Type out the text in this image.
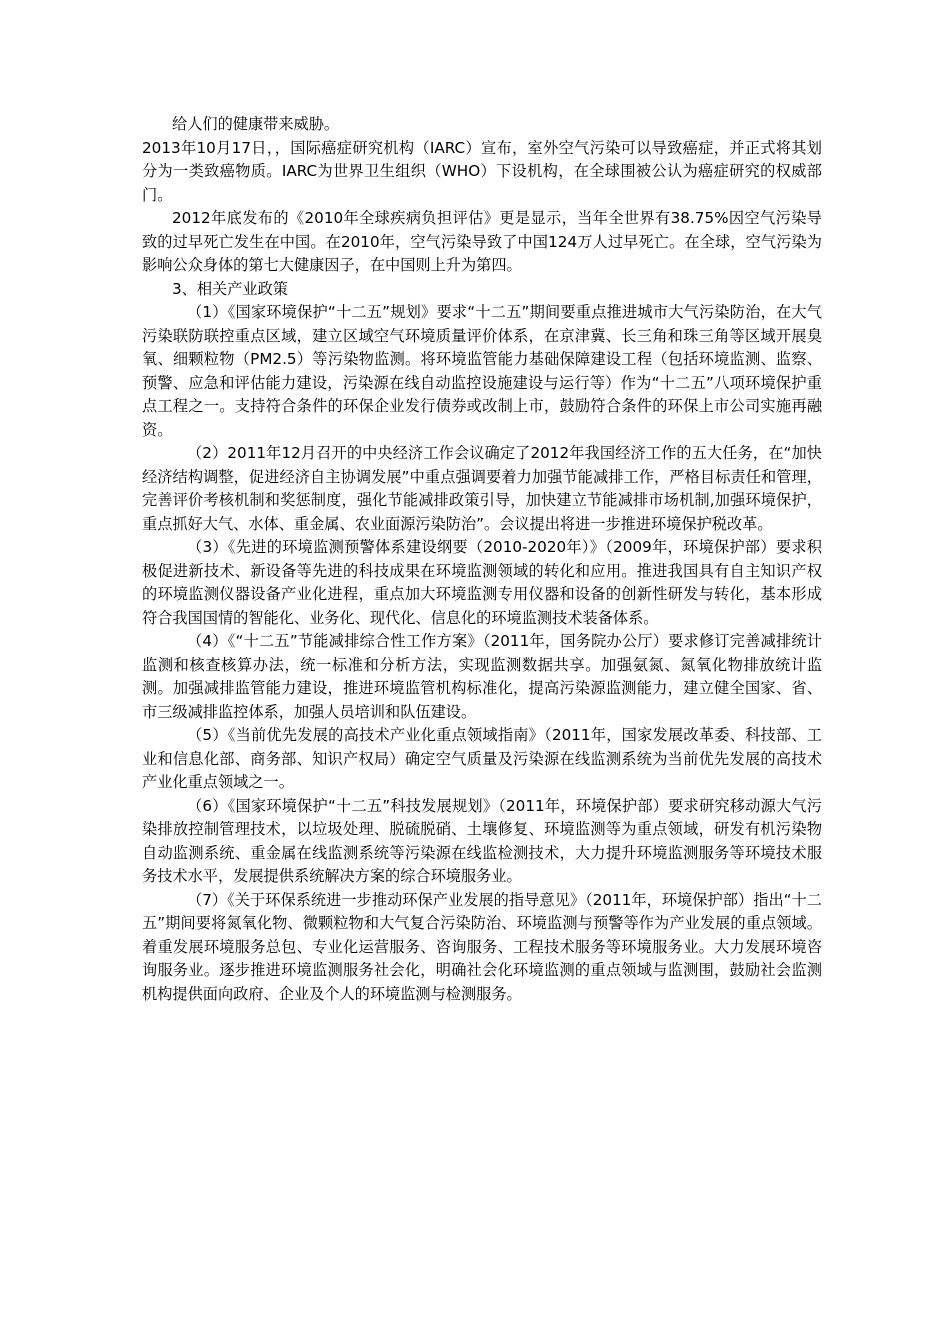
给人们的健康带来威胁。

2013年10月17日，，国际癌症研究机构（IARC）宣布，室外空气污染可以导致癌症，并正式将其划分为一类致癌物质。IARC为世界卫生组织（WHO）下设机构，在全球围被公认为癌症研究的权威部门。

2012年底发布的《2010年全球疾病负担评估》更是显示，当年全世界有38.75%因空气污染导致的过早死亡发生在中国。在2010年，空气污染导致了中国124万人过早死亡。在全球，空气污染为影响公众身体的第七大健康因子，在中国则上升为第四。

3、相关产业政策

（1）《国家环境保护“十二五”规划》要求“十二五”期间要重点推进城市大气污染防治，在大气污染联防联控重点区域，建立区域空气环境质量评价体系，在京津冀、长三角和珠三角等区域开展臭氧、细颗粒物（PM2.5）等污染物监测。将环境监管能力基础保障建设工程（包括环境监测、监察、预警、应急和评估能力建设，污染源在线自动监控设施建设与运行等）作为“十二五”八项环境保护重点工程之一。支持符合条件的环保企业发行债券或改制上市，鼓励符合条件的环保上市公司实施再融资。

（2）2011年12月召开的中央经济工作会议确定了2012年我国经济工作的五大任务，在“加快经济结构调整，促进经济自主协调发展”中重点强调要着力加强节能减排工作，严格目标责任和管理，完善评价考核机制和奖惩制度，强化节能减排政策引导，加快建立节能减排市场机制,加强环境保护，重点抓好大气、水体、重金属、农业面源污染防治”。会议提出将进一步推进环境保护税改革。

（3）《先进的环境监测预警体系建设纲要（2010-2020年）》（2009年，环境保护部）要求积极促进新技术、新设备等先进的科技成果在环境监测领域的转化和应用。推进我国具有自主知识产权的环境监测仪器设备产业化进程，重点加大环境监测专用仪器和设备的创新性研发与转化，基本形成符合我国国情的智能化、业务化、现代化、信息化的环境监测技术装备体系。

（4）《“十二五”节能减排综合性工作方案》（2011年，国务院办公厅）要求修订完善减排统计监测和核查核算办法，统一标准和分析方法，实现监测数据共享。加强氨氮、氮氧化物排放统计监测。加强减排监管能力建设，推进环境监管机构标准化，提高污染源监测能力，建立健全国家、省、市三级减排监控体系，加强人员培训和队伍建设。

（5）《当前优先发展的高技术产业化重点领域指南》（2011年，国家发展改革委、科技部、工业和信息化部、商务部、知识产权局）确定空气质量及污染源在线监测系统为当前优先发展的高技术产业化重点领域之一。

（6）《国家环境保护“十二五”科技发展规划》（2011年，环境保护部）要求研究移动源大气污染排放控制管理技术，以垃圾处理、脱硫脱硝、土壤修复、环境监测等为重点领域，研发有机污染物自动监测系统、重金属在线监测系统等污染源在线监检测技术，大力提升环境监测服务等环境技术服务技术水平，发展提供系统解决方案的综合环境服务业。

（7）《关于环保系统进一步推动环保产业发展的指导意见》（2011年，环境保护部）指出“十二五”期间要将氮氧化物、微颗粒物和大气复合污染防治、环境监测与预警等作为产业发展的重点领域。着重发展环境服务总包、专业化运营服务、咨询服务、工程技术服务等环境服务业。大力发展环境咨询服务业。逐步推进环境监测服务社会化，明确社会化环境监测的重点领域与监测围，鼓励社会监测机构提供面向政府、企业及个人的环境监测与检测服务。
